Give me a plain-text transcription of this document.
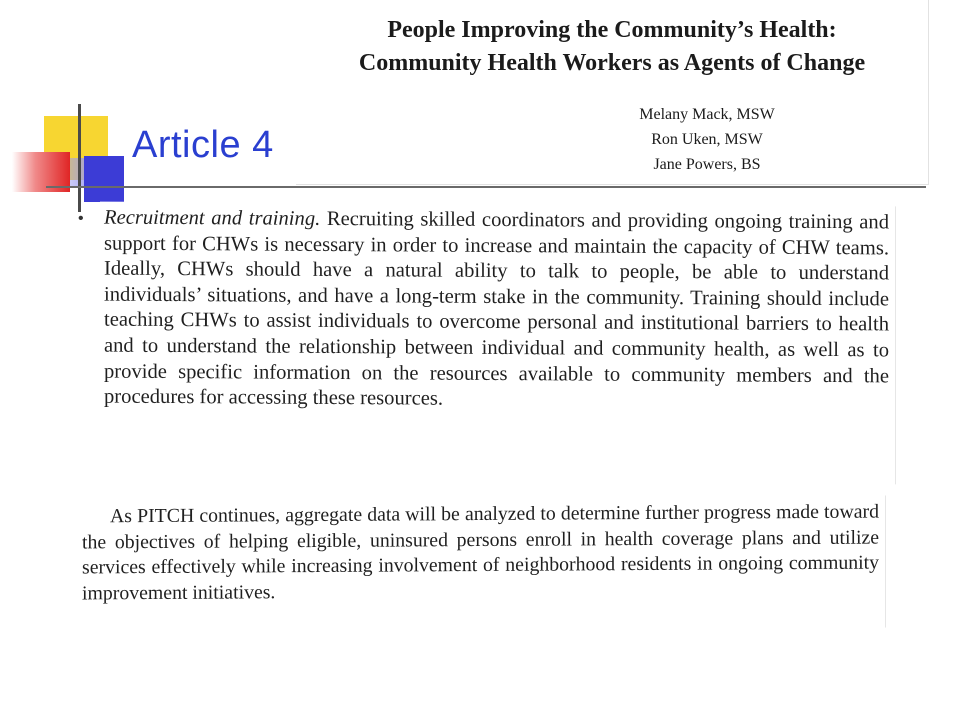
Article 4
People Improving the Community’s Health:
Community Health Workers as Agents of Change
Melany Mack, MSW
Ron Uken, MSW
Jane Powers, BS
• Recruitment and training. Recruiting skilled coordinators and providing ongoing training and support for CHWs is necessary in order to increase and maintain the capacity of CHW teams. Ideally, CHWs should have a natural ability to talk to people, be able to understand individuals’ situations, and have a long-term stake in the community. Training should include teaching CHWs to assist individuals to overcome personal and institutional barriers to health and to understand the relationship between individual and community health, as well as to provide specific information on the resources available to community members and the procedures for accessing these resources.
As PITCH continues, aggregate data will be analyzed to determine further progress made toward the objectives of helping eligible, uninsured persons enroll in health coverage plans and utilize services effectively while increasing involvement of neighborhood residents in ongoing community improvement initiatives.
